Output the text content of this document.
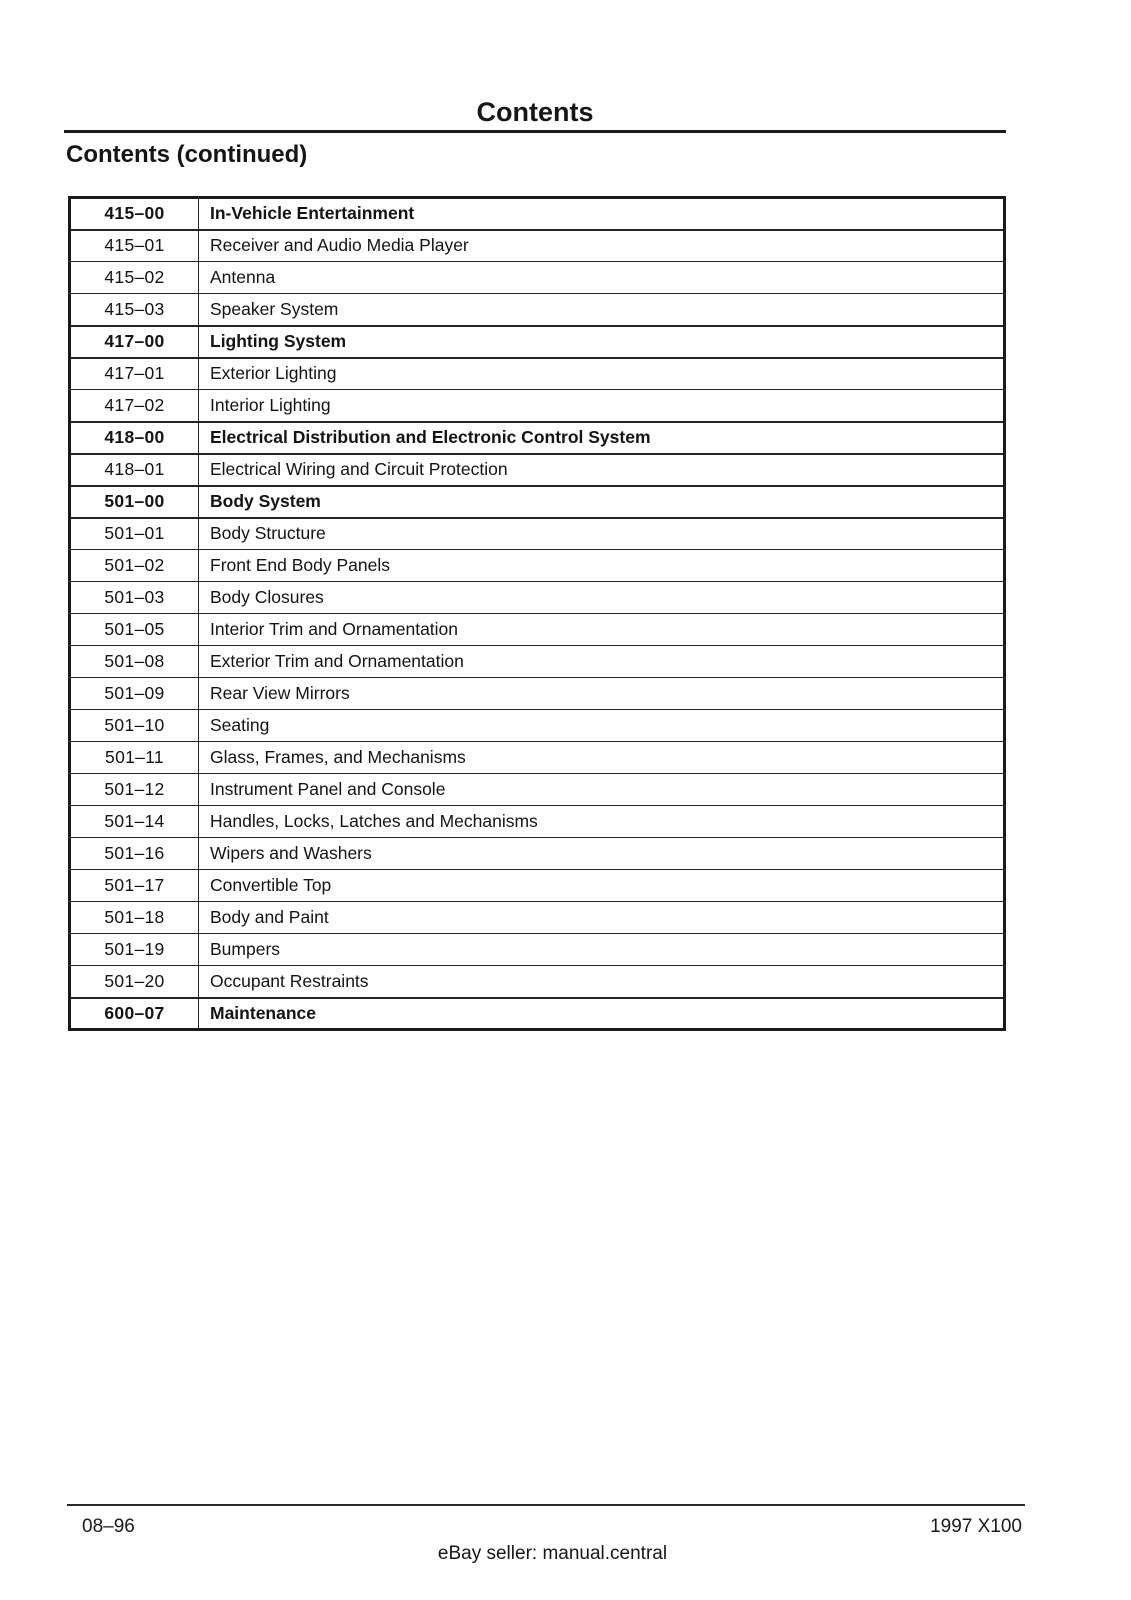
Contents
Contents (continued)
415–00	In-Vehicle Entertainment
415–01	Receiver and Audio Media Player
415–02	Antenna
415–03	Speaker System
417–00	Lighting System
417–01	Exterior Lighting
417–02	Interior Lighting
418–00	Electrical Distribution and Electronic Control System
418–01	Electrical Wiring and Circuit Protection
501–00	Body System
501–01	Body Structure
501–02	Front End Body Panels
501–03	Body Closures
501–05	Interior Trim and Ornamentation
501–08	Exterior Trim and Ornamentation
501–09	Rear View Mirrors
501–10	Seating
501–11	Glass, Frames, and Mechanisms
501–12	Instrument Panel and Console
501–14	Handles, Locks, Latches and Mechanisms
501–16	Wipers and Washers
501–17	Convertible Top
501–18	Body and Paint
501–19	Bumpers
501–20	Occupant Restraints
600–07	Maintenance
08–96	1997 X100
eBay seller: manual.central
